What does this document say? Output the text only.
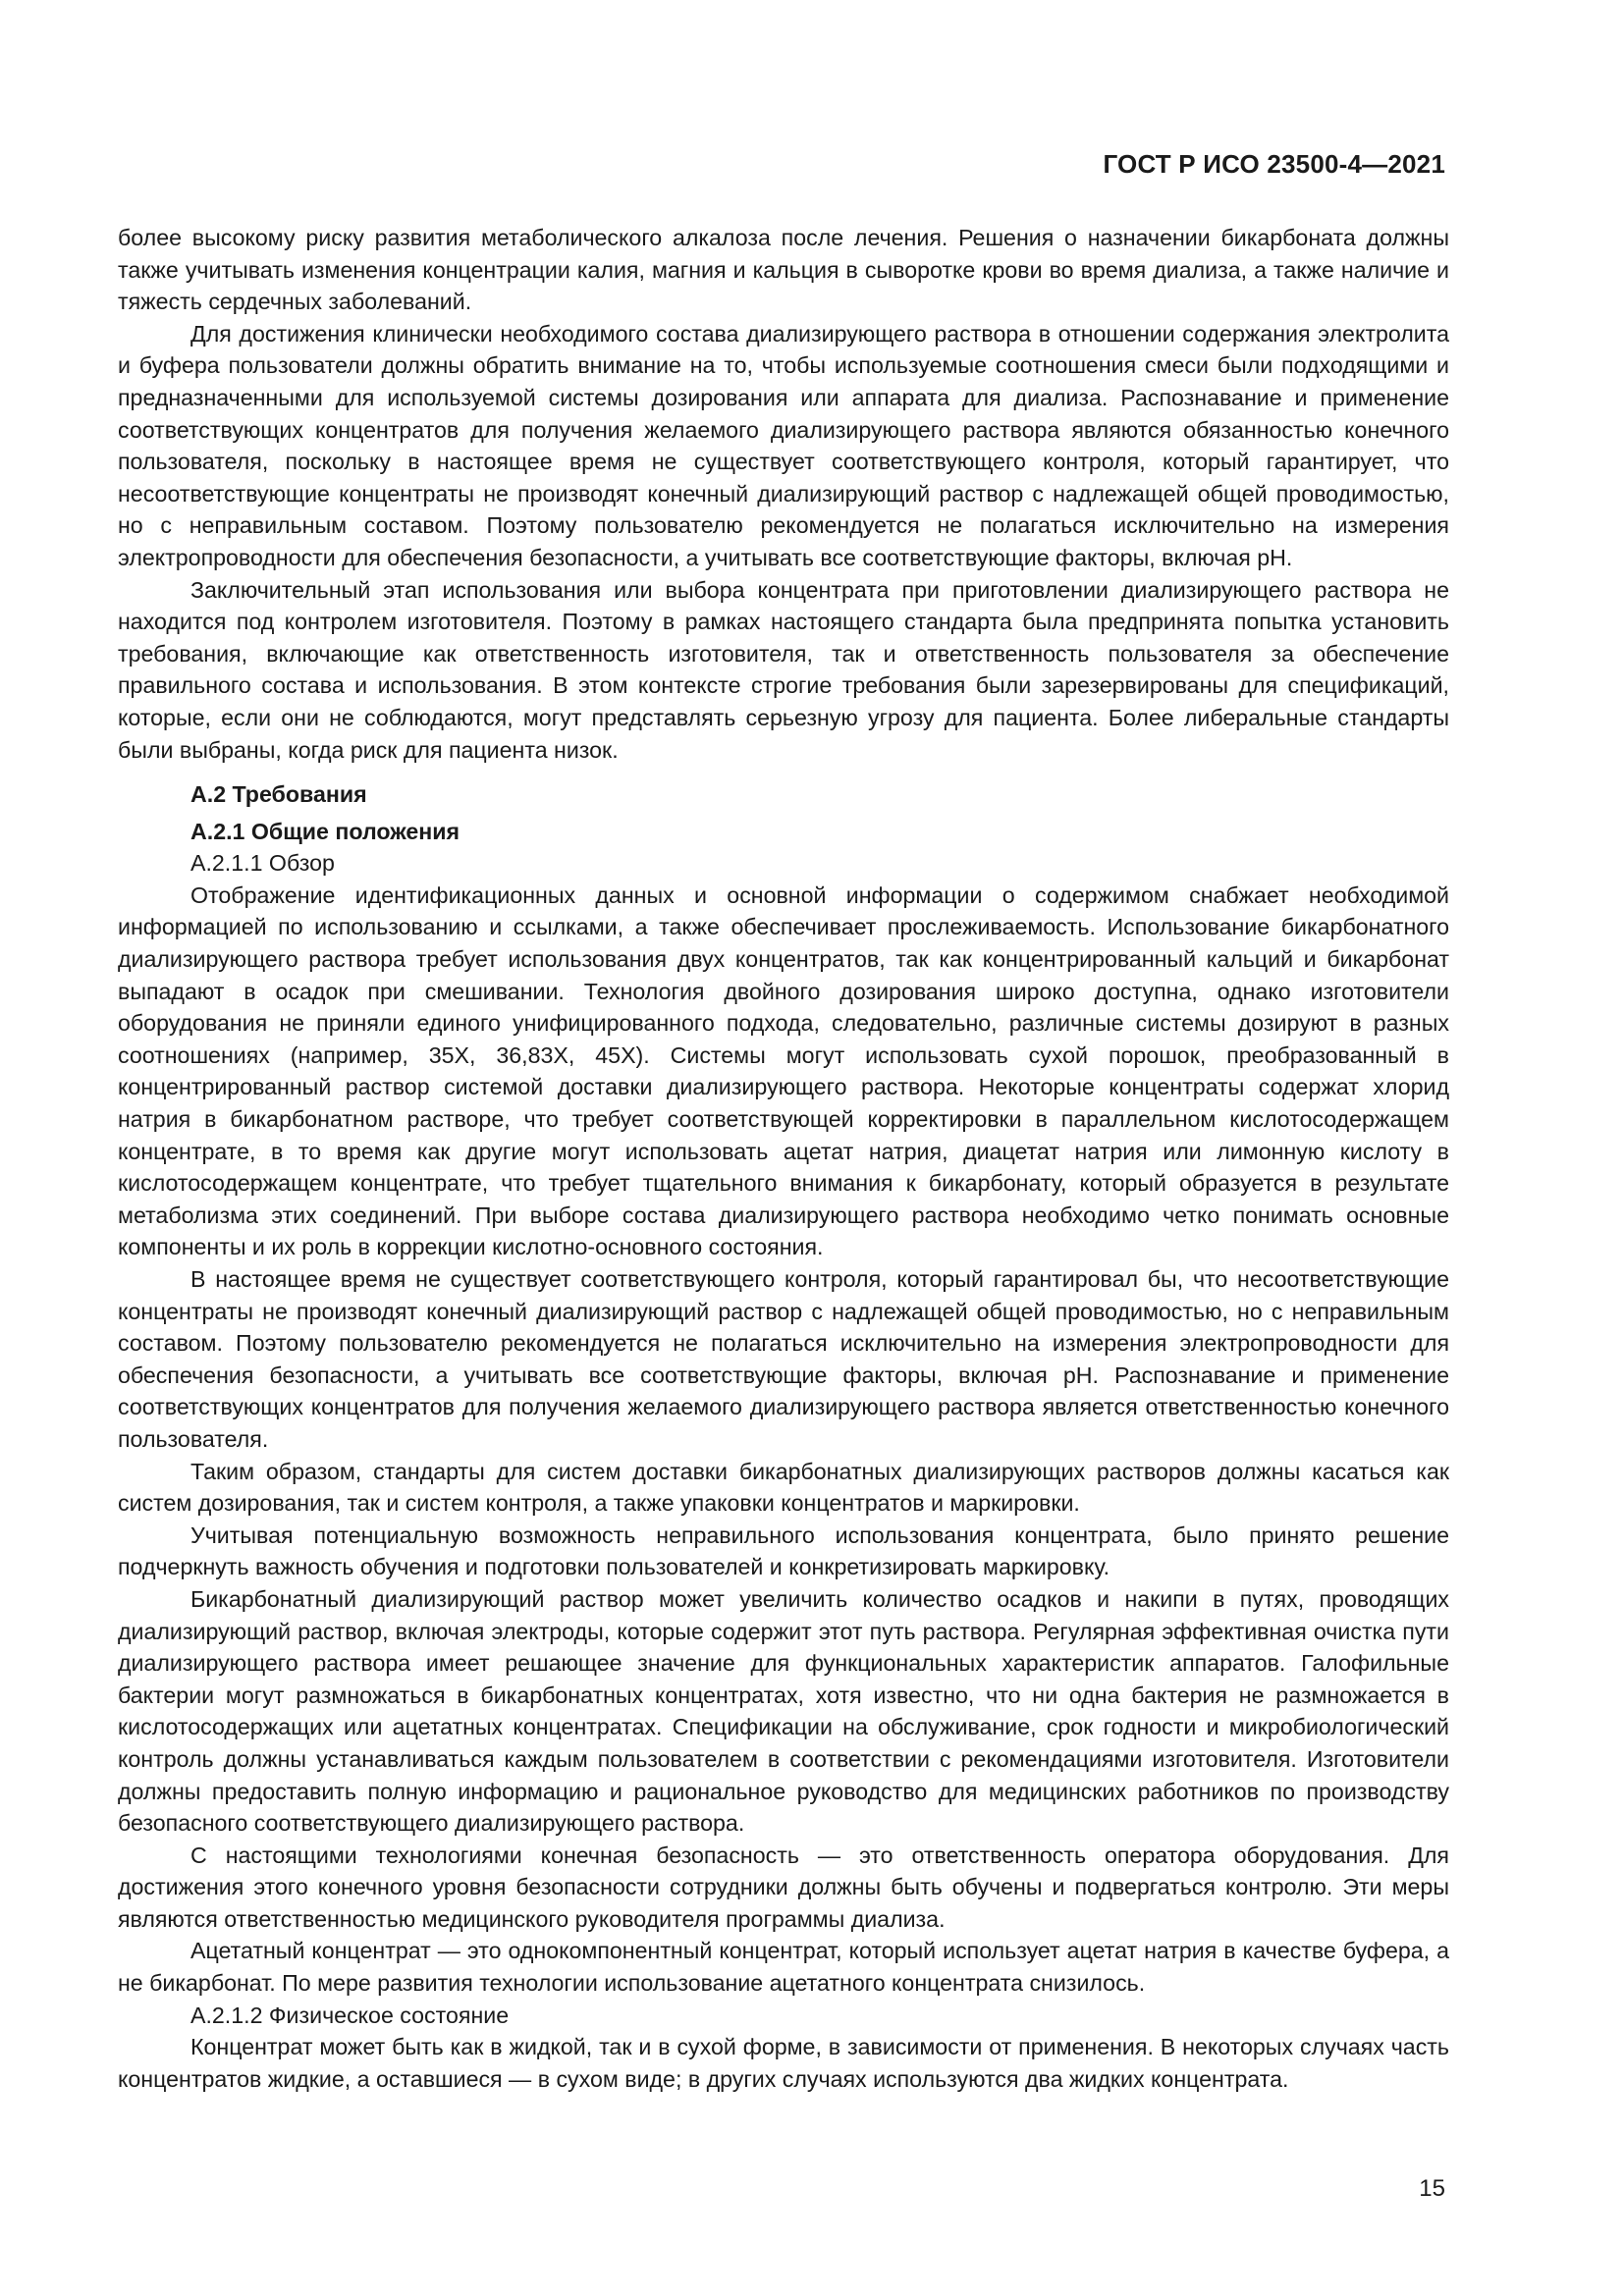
ГОСТ Р ИСО 23500-4—2021

более высокому риску развития метаболического алкалоза после лечения. Решения о назначении бикарбоната должны также учитывать изменения концентрации калия, магния и кальция в сыворотке крови во время диализа, а также наличие и тяжесть сердечных заболеваний.

Для достижения клинически необходимого состава диализирующего раствора в отношении содержания электролита и буфера пользователи должны обратить внимание на то, чтобы используемые соотношения смеси были подходящими и предназначенными для используемой системы дозирования или аппарата для диализа. Распознавание и применение соответствующих концентратов для получения желаемого диализирующего раствора являются обязанностью конечного пользователя, поскольку в настоящее время не существует соответствующего контроля, который гарантирует, что несоответствующие концентраты не производят конечный диализирующий раствор с надлежащей общей проводимостью, но с неправильным составом. Поэтому пользователю рекомендуется не полагаться исключительно на измерения электропроводности для обеспечения безопасности, а учитывать все соответствующие факторы, включая pH.

Заключительный этап использования или выбора концентрата при приготовлении диализирующего раствора не находится под контролем изготовителя. Поэтому в рамках настоящего стандарта была предпринята попытка установить требования, включающие как ответственность изготовителя, так и ответственность пользователя за обеспечение правильного состава и использования. В этом контексте строгие требования были зарезервированы для спецификаций, которые, если они не соблюдаются, могут представлять серьезную угрозу для пациента. Более либеральные стандарты были выбраны, когда риск для пациента низок.

А.2 Требования
А.2.1 Общие положения
А.2.1.1 Обзор

Отображение идентификационных данных и основной информации о содержимом снабжает необходимой информацией по использованию и ссылками, а также обеспечивает прослеживаемость. Использование бикарбонатного диализирующего раствора требует использования двух концентратов, так как концентрированный кальций и бикарбонат выпадают в осадок при смешивании. Технология двойного дозирования широко доступна, однако изготовители оборудования не приняли единого унифицированного подхода, следовательно, различные системы дозируют в разных соотношениях (например, 35X, 36,83X, 45X). Системы могут использовать сухой порошок, преобразованный в концентрированный раствор системой доставки диализирующего раствора. Некоторые концентраты содержат хлорид натрия в бикарбонатном растворе, что требует соответствующей корректировки в параллельном кислотосодержащем концентрате, в то время как другие могут использовать ацетат натрия, диацетат натрия или лимонную кислоту в кислотосодержащем концентрате, что требует тщательного внимания к бикарбонату, который образуется в результате метаболизма этих соединений. При выборе состава диализирующего раствора необходимо четко понимать основные компоненты и их роль в коррекции кислотно-основного состояния.

В настоящее время не существует соответствующего контроля, который гарантировал бы, что несоответствующие концентраты не производят конечный диализирующий раствор с надлежащей общей проводимостью, но с неправильным составом. Поэтому пользователю рекомендуется не полагаться исключительно на измерения электропроводности для обеспечения безопасности, а учитывать все соответствующие факторы, включая pH. Распознавание и применение соответствующих концентратов для получения желаемого диализирующего раствора является ответственностью конечного пользователя.

Таким образом, стандарты для систем доставки бикарбонатных диализирующих растворов должны касаться как систем дозирования, так и систем контроля, а также упаковки концентратов и маркировки.

Учитывая потенциальную возможность неправильного использования концентрата, было принято решение подчеркнуть важность обучения и подготовки пользователей и конкретизировать маркировку.

Бикарбонатный диализирующий раствор может увеличить количество осадков и накипи в путях, проводящих диализирующий раствор, включая электроды, которые содержит этот путь раствора. Регулярная эффективная очистка пути диализирующего раствора имеет решающее значение для функциональных характеристик аппаратов. Галофильные бактерии могут размножаться в бикарбонатных концентратах, хотя известно, что ни одна бактерия не размножается в кислотосодержащих или ацетатных концентратах. Спецификации на обслуживание, срок годности и микробиологический контроль должны устанавливаться каждым пользователем в соответствии с рекомендациями изготовителя. Изготовители должны предоставить полную информацию и рациональное руководство для медицинских работников по производству безопасного соответствующего диализирующего раствора.

С настоящими технологиями конечная безопасность — это ответственность оператора оборудования. Для достижения этого конечного уровня безопасности сотрудники должны быть обучены и подвергаться контролю. Эти меры являются ответственностью медицинского руководителя программы диализа.

Ацетатный концентрат — это однокомпонентный концентрат, который использует ацетат натрия в качестве буфера, а не бикарбонат. По мере развития технологии использование ацетатного концентрата снизилось.

А.2.1.2 Физическое состояние

Концентрат может быть как в жидкой, так и в сухой форме, в зависимости от применения. В некоторых случаях часть концентратов жидкие, а оставшиеся — в сухом виде; в других случаях используются два жидких концентрата.

15
